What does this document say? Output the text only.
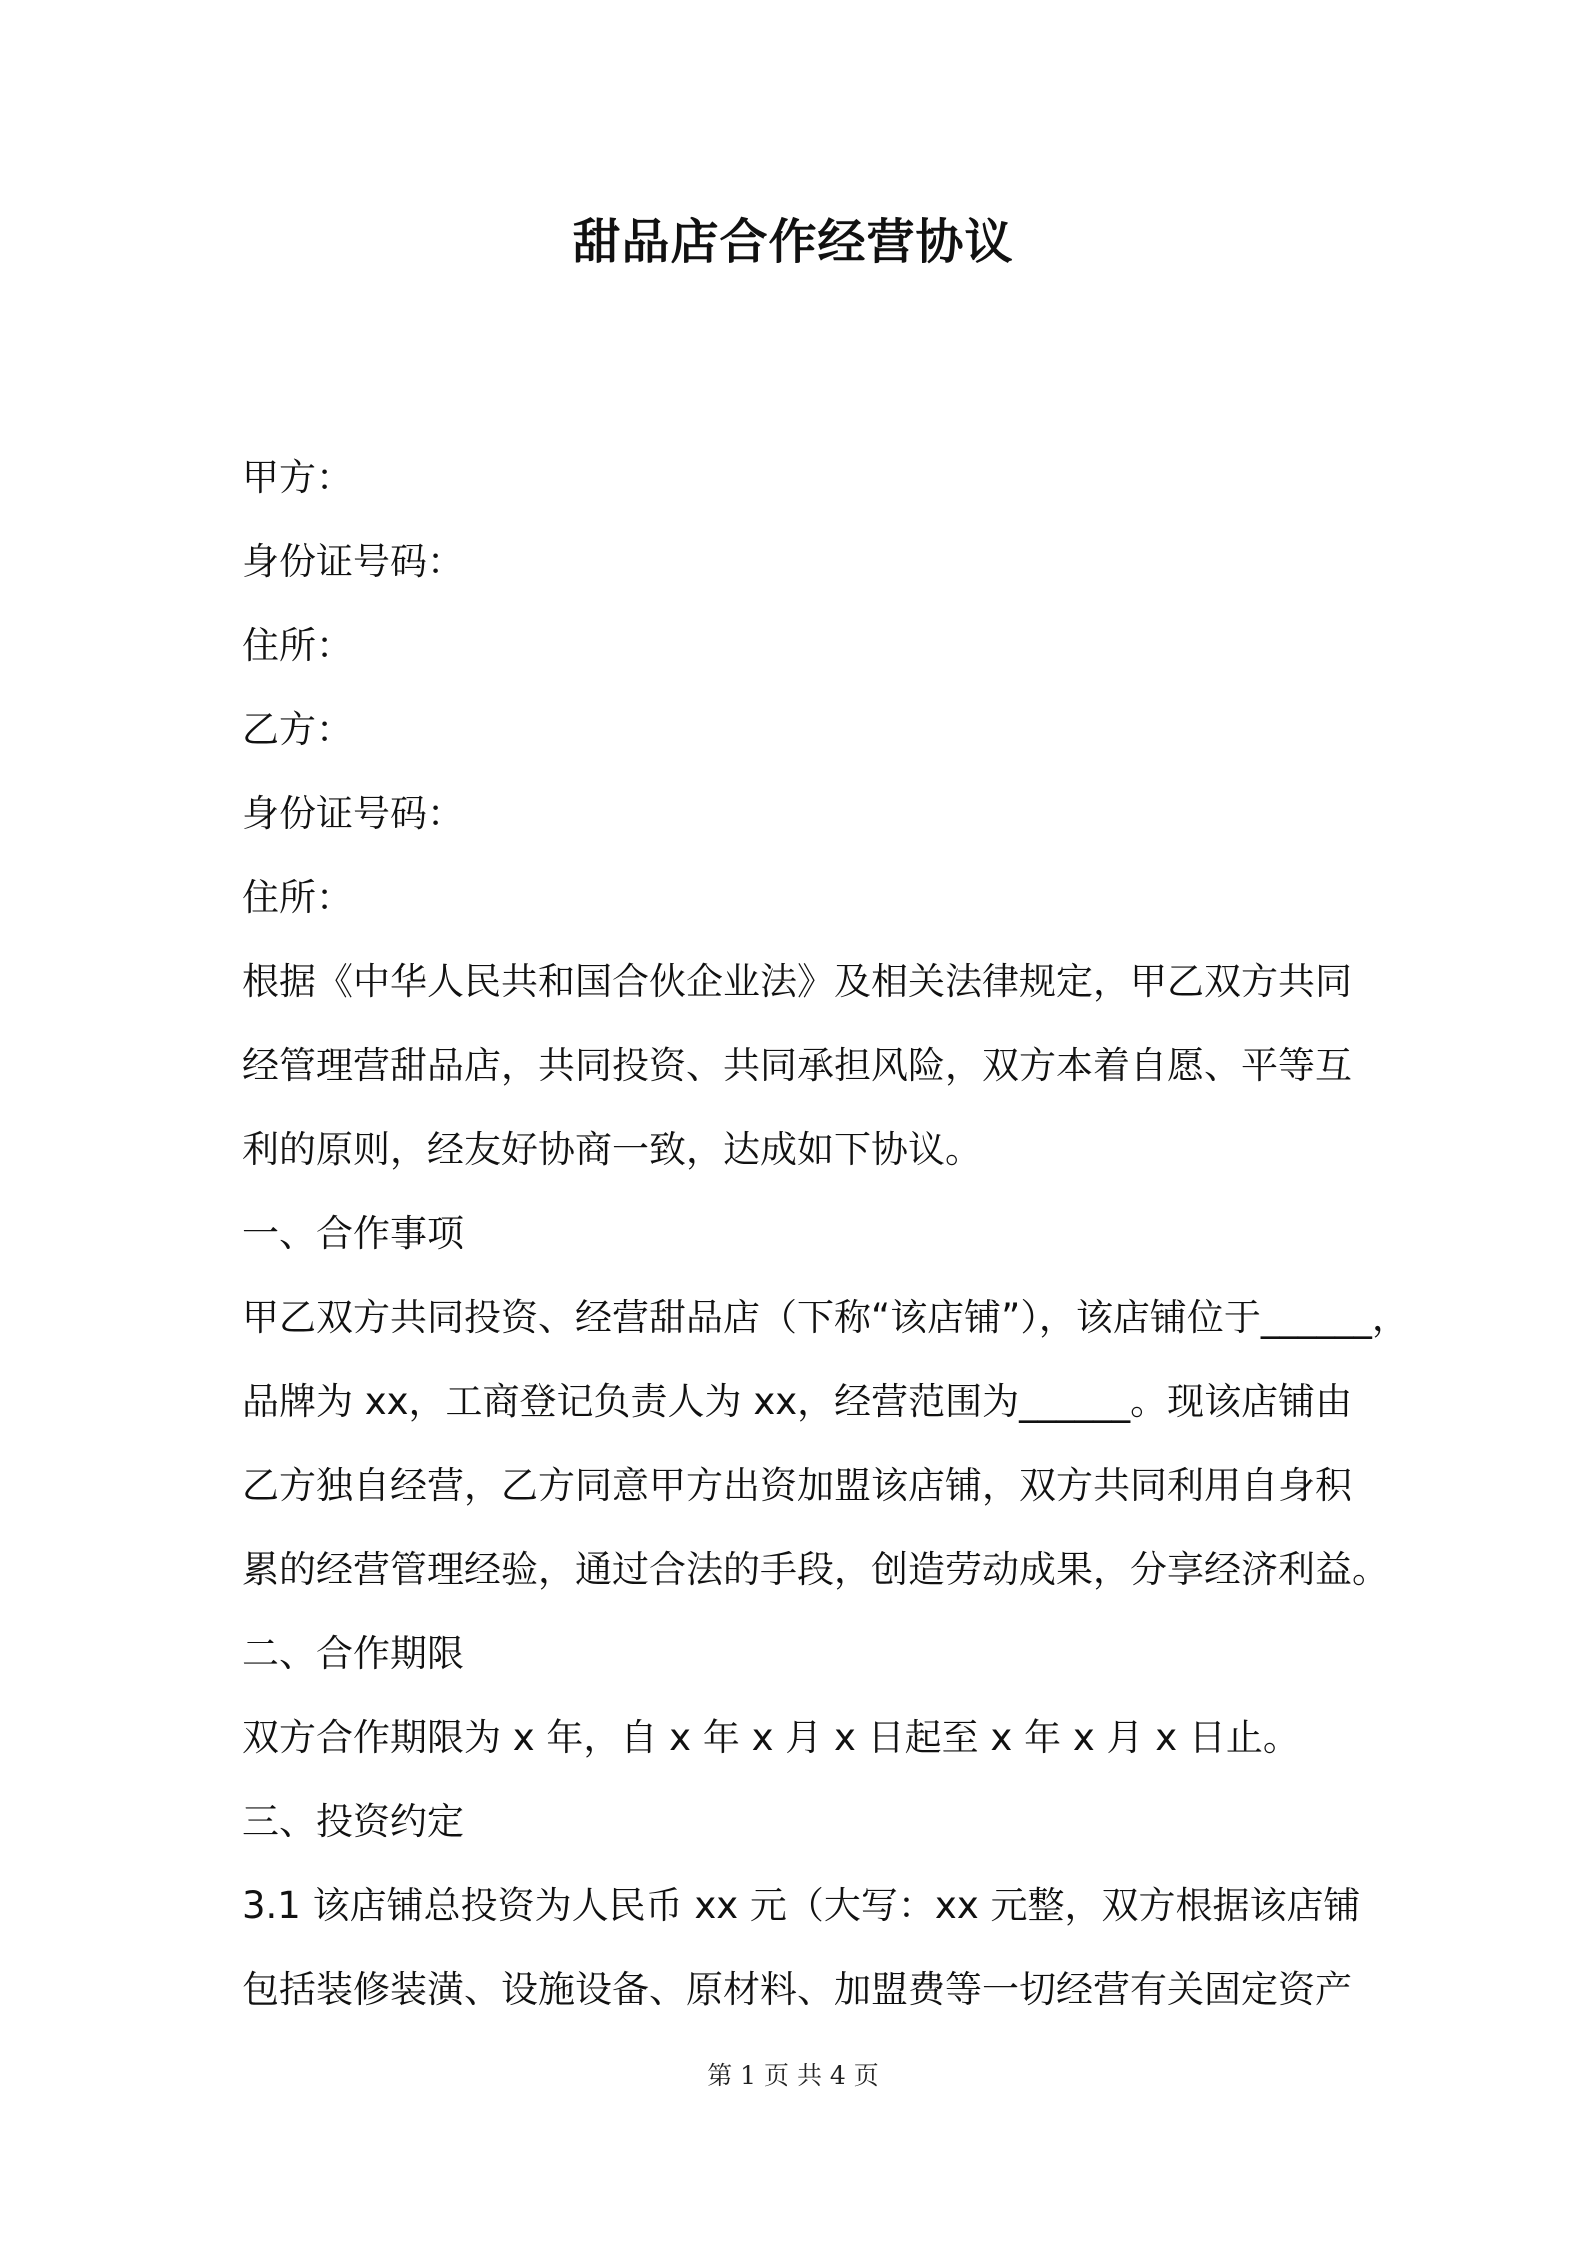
甜品店合作经营协议
甲方：
身份证号码：
住所：
乙方：
身份证号码：
住所：
根据《中华人民共和国合伙企业法》及相关法律规定，甲乙双方共同
经管理营甜品店，共同投资、共同承担风险，双方本着自愿、平等互
利的原则，经友好协商一致，达成如下协议。
一、合作事项
甲乙双方共同投资、经营甜品店（下称“该店铺”），该店铺位于______，
品牌为 xx，工商登记负责人为 xx，经营范围为______。现该店铺由
乙方独自经营，乙方同意甲方出资加盟该店铺，双方共同利用自身积
累的经营管理经验，通过合法的手段，创造劳动成果，分享经济利益。
二、合作期限
双方合作期限为 x 年，自 x 年 x 月 x 日起至 x 年 x 月 x 日止。
三、投资约定
3.1 该店铺总投资为人民币 xx 元（大写：xx 元整，双方根据该店铺
包括装修装潢、设施设备、原材料、加盟费等一切经营有关固定资产
第 1 页 共 4 页
